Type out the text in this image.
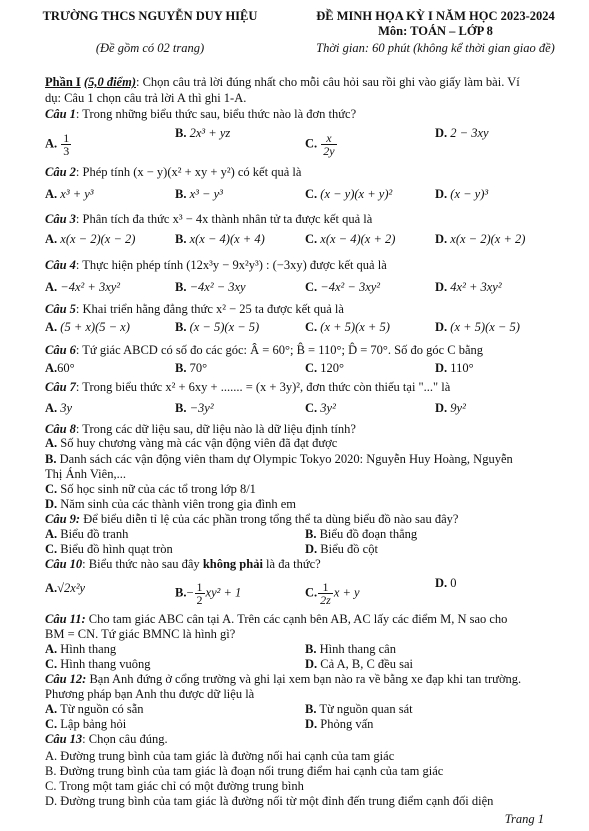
TRƯỜNG THCS NGUYỄN DUY HIỆU
(Đề gồm có 02 trang)
ĐỀ MINH HỌA KỲ I NĂM HỌC 2023-2024
Môn: TOÁN – LỚP 8
Thời gian: 60 phút (không kể thời gian giao đề)
Phần I (5,0 điểm): Chọn câu trả lời đúng nhất cho mỗi câu hỏi sau rồi ghi vào giấy làm bài. Ví
dụ: Câu 1 chọn câu trả lời A thì ghi 1-A.
Câu 1: Trong những biểu thức sau, biểu thức nào là đơn thức?
A. $\frac{1}{3}$	B. 2x³ + yz
C. $\frac{x}{2y}$	D. 2 − 3xy
Câu 2: Phép tính (x − y)(x² + xy + y²) có kết quả là
A. x³ + y³	B. x³ − y³	C. (x − y)(x + y)²	D. (x − y)³
Câu 3: Phân tích đa thức x³ − 4x thành nhân tử ta được kết quả là
A. x(x − 2)(x − 2)	B. x(x − 4)(x + 4)	C. x(x − 4)(x + 2)	D. x(x − 2)(x + 2)
Câu 4: Thực hiện phép tính (12x³y − 9x²y³) : (−3xy) được kết quả là
A. −4x² + 3xy²	B. −4x² − 3xy	C. −4x² − 3xy²	D. 4x² + 3xy²
Câu 5: Khai triển hằng đẳng thức x² − 25 ta được kết quả là
A. (5 + x)(5 − x)	B. (x − 5)(x − 5)	C. (x + 5)(x + 5)	D. (x + 5)(x − 5)
Câu 6: Tứ giác ABCD có số đo các góc: Â = 60°; B̂ = 110°; D̂ = 70°. Số đo góc C bằng
A.60°	B. 70°	C. 120°	D. 110°
Câu 7: Trong biểu thức x² + 6xy + ....... = (x + 3y)², đơn thức còn thiếu tại "..." là
A. 3y	B. −3y²	C. 3y²	D. 9y²
Câu 8: Trong các dữ liệu sau, dữ liệu nào là dữ liệu định tính?
A. Số huy chương vàng mà các vận động viên đã đạt được
B. Danh sách các vận động viên tham dự Olympic Tokyo 2020: Nguyễn Huy Hoàng, Nguyễn
Thị Ánh Viên,...
C. Số học sinh nữ của các tổ trong lớp 8/1
D. Năm sinh của các thành viên trong gia đình em
Câu 9: Để biểu diễn tỉ lệ của các phần trong tổng thể ta dùng biểu đồ nào sau đây?
A. Biểu đồ tranh	B. Biểu đồ đoạn thẳng
C. Biểu đồ hình quạt tròn	D. Biểu đồ cột
Câu 10: Biểu thức nào sau đây không phải là đa thức?
A.√2x²y	$B.- \frac{1}{2} xy^2 + 1$	C. $\frac{1}{2z}$ x + y
D. 0
Câu 11: Cho tam giác ABC cân tại A. Trên các cạnh bên AB, AC lấy các điểm M, N sao cho
BM = CN. Tứ giác BMNC là hình gì?
A. Hình thang	B. Hình thang cân
C. Hình thang vuông	D. Cả A, B, C đều sai
Câu 12: Bạn Anh đứng ở cổng trường và ghi lại xem bạn nào ra về bằng xe đạp khi tan trường.
Phương pháp bạn Anh thu được dữ liệu là
A. Từ nguồn có sẵn	B. Từ nguồn quan sát
C. Lập bảng hỏi	D. Phỏng vấn
Câu 13: Chọn câu đúng.
A. Đường trung bình của tam giác là đường nối hai cạnh của tam giác
B. Đường trung bình của tam giác là đoạn nối trung điểm hai cạnh của tam giác
C. Trong một tam giác chỉ có một đường trung bình
D. Đường trung bình của tam giác là đường nối từ một đỉnh đến trung điểm cạnh đối diện
Trang 1
